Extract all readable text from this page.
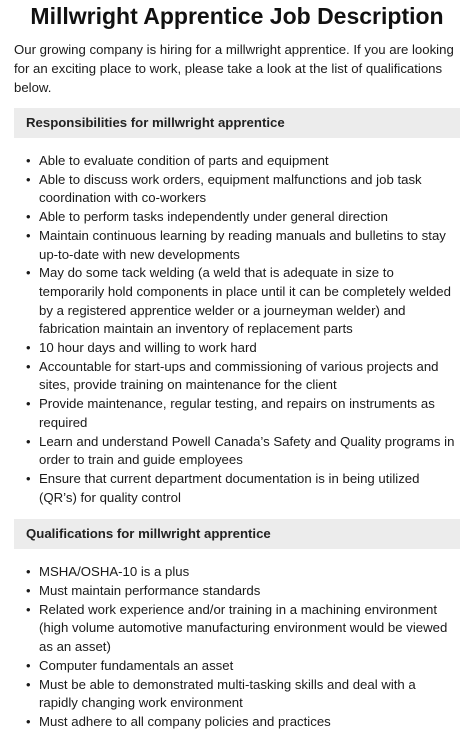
Millwright Apprentice Job Description

Our growing company is hiring for a millwright apprentice. If you are looking for an exciting place to work, please take a look at the list of qualifications below.

Responsibilities for millwright apprentice
• Able to evaluate condition of parts and equipment
• Able to discuss work orders, equipment malfunctions and job task coordination with co-workers
• Able to perform tasks independently under general direction
• Maintain continuous learning by reading manuals and bulletins to stay up-to-date with new developments
• May do some tack welding (a weld that is adequate in size to temporarily hold components in place until it can be completely welded by a registered apprentice welder or a journeyman welder) and fabrication maintain an inventory of replacement parts
• 10 hour days and willing to work hard
• Accountable for start-ups and commissioning of various projects and sites, provide training on maintenance for the client
• Provide maintenance, regular testing, and repairs on instruments as required
• Learn and understand Powell Canada’s Safety and Quality programs in order to train and guide employees
• Ensure that current department documentation is in being utilized (QR’s) for quality control
Qualifications for millwright apprentice
• MSHA/OSHA-10 is a plus
• Must maintain performance standards
• Related work experience and/or training in a machining environment (high volume automotive manufacturing environment would be viewed as an asset)
• Computer fundamentals an asset
• Must be able to demonstrated multi-tasking skills and deal with a rapidly changing work environment
• Must adhere to all company policies and practices
